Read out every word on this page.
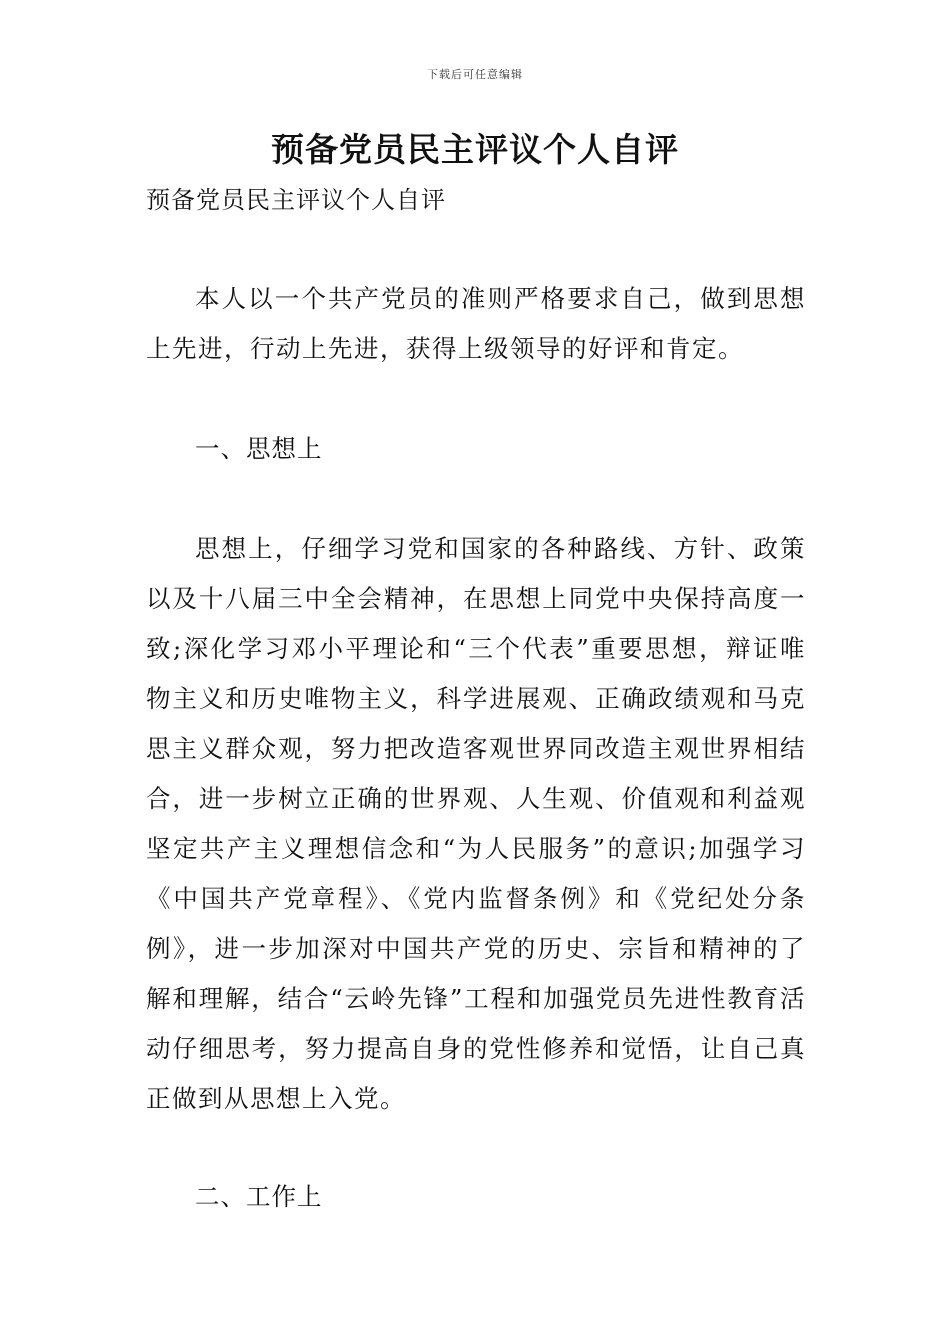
下载后可任意编辑
预备党员民主评议个人自评
预备党员民主评议个人自评

本人以一个共产党员的准则严格要求自己，做到思想上先进，行动上先进，获得上级领导的好评和肯定。

一、思想上

思想上，仔细学习党和国家的各种路线、方针、政策以及十八届三中全会精神，在思想上同党中央保持高度一致;深化学习邓小平理论和“三个代表”重要思想，辩证唯物主义和历史唯物主义，科学进展观、正确政绩观和马克思主义群众观，努力把改造客观世界同改造主观世界相结合，进一步树立正确的世界观、人生观、价值观和利益观坚定共产主义理想信念和“为人民服务”的意识;加强学习《中国共产党章程》、《党内监督条例》和《党纪处分条例》，进一步加深对中国共产党的历史、宗旨和精神的了解和理解，结合“云岭先锋”工程和加强党员先进性教育活动仔细思考，努力提高自身的党性修养和觉悟，让自己真正做到从思想上入党。

二、工作上
